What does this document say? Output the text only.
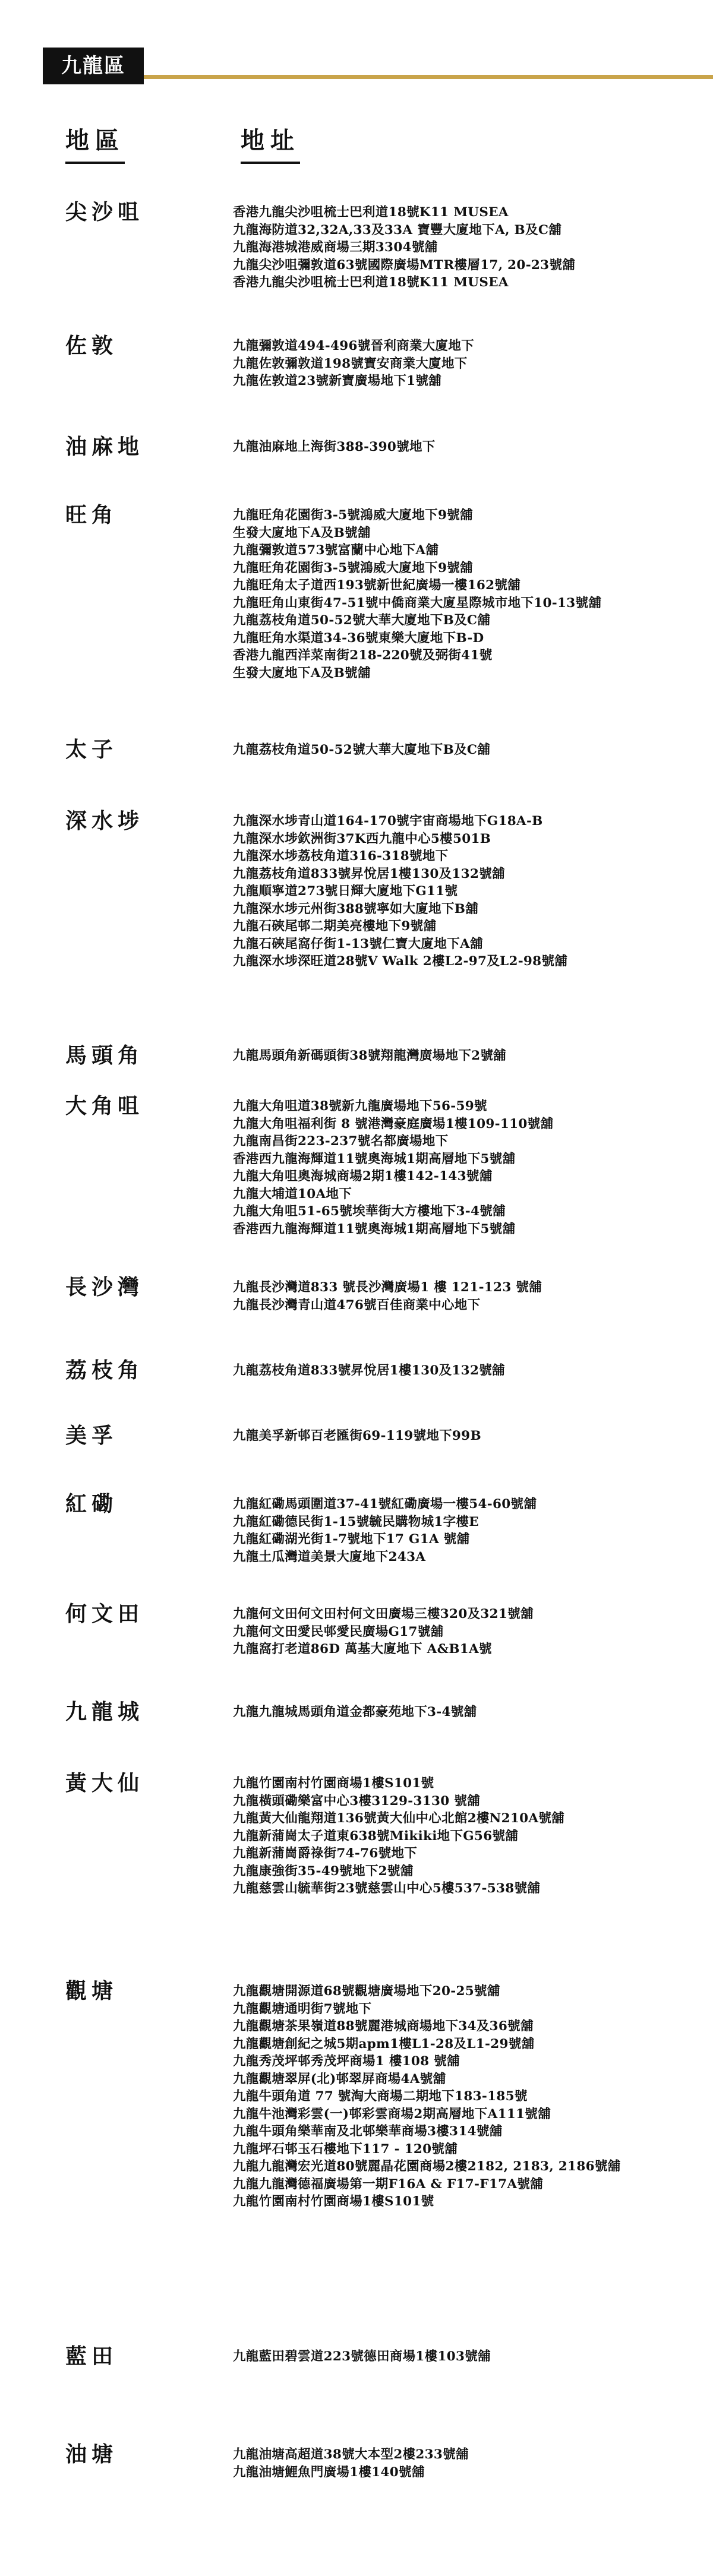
九龍區
地區	地址
尖沙咀	香港九龍尖沙咀梳士巴利道18號K11 MUSEA
九龍海防道32,32A,33及33A 寶豐大廈地下A, B及C舖
九龍海港城港威商場三期3304號舖
九龍尖沙咀彌敦道63號國際廣場MTR樓層17, 20-23號舖
香港九龍尖沙咀梳士巴利道18號K11 MUSEA
佐敦	九龍彌敦道494-496號晉利商業大廈地下
九龍佐敦彌敦道198號寶安商業大廈地下
九龍佐敦道23號新寶廣場地下1號舖
油麻地	九龍油麻地上海街388-390號地下
旺角	九龍旺角花園街3-5號鴻威大廈地下9號舖
生發大廈地下A及B號舖
九龍彌敦道573號富蘭中心地下A舖
九龍旺角花園街3-5號鴻威大廈地下9號舖
九龍旺角太子道西193號新世紀廣場一樓162號舖
九龍旺角山東街47-51號中僑商業大廈星際城市地下10-13號舖
九龍荔枝角道50-52號大華大廈地下B及C舖
九龍旺角水渠道34-36號東樂大廈地下B-D
香港九龍西洋菜南街218-220號及弼街41號
生發大廈地下A及B號舖
太子	九龍荔枝角道50-52號大華大廈地下B及C舖
深水埗	九龍深水埗青山道164-170號宇宙商場地下G18A-B
九龍深水埗欽洲街37K西九龍中心5樓501B
九龍深水埗荔枝角道316-318號地下
九龍荔枝角道833號昇悅居1樓130及132號舖
九龍順寧道273號日輝大廈地下G11號
九龍深水埗元州街388號寧如大廈地下B舖
九龍石硤尾邨二期美亮樓地下9號舖
九龍石硤尾窩仔街1-13號仁寶大廈地下A舖
九龍深水埗深旺道28號V Walk 2樓L2-97及L2-98號舖
馬頭角	九龍馬頭角新碼頭街38號翔龍灣廣場地下2號舖
大角咀	九龍大角咀道38號新九龍廣場地下56-59號
九龍大角咀福利街 8 號港灣豪庭廣場1樓109-110號舖
九龍南昌街223-237號名都廣場地下
香港西九龍海輝道11號奧海城1期高層地下5號舖
九龍大角咀奧海城商場2期1樓142-143號舖
九龍大埔道10A地下
九龍大角咀51-65號埃華街大方樓地下3-4號舖
香港西九龍海輝道11號奧海城1期高層地下5號舖
長沙灣	九龍長沙灣道833 號長沙灣廣場1 樓 121-123 號舖
九龍長沙灣青山道476號百佳商業中心地下
荔枝角	九龍荔枝角道833號昇悅居1樓130及132號舖
美孚	九龍美孚新邨百老匯街69-119號地下99B
紅磡	九龍紅磡馬頭圍道37-41號紅磡廣場一樓54-60號舖
九龍紅磡德民街1-15號毓民購物城1字樓E
九龍紅磡湖光街1-7號地下17 G1A 號舖
九龍土瓜灣道美景大廈地下243A
何文田	九龍何文田何文田村何文田廣場三樓320及321號舖
九龍何文田愛民邨愛民廣場G17號舖
九龍窩打老道86D 萬基大廈地下 A&B1A號
九龍城	九龍九龍城馬頭角道金都豪苑地下3-4號舖
黃大仙	九龍竹園南村竹園商場1樓S101號
九龍橫頭磡樂富中心3樓3129-3130 號舖
九龍黃大仙龍翔道136號黃大仙中心北館2樓N210A號舖
九龍新蒲崗太子道東638號Mikiki地下G56號舖
九龍新蒲崗爵祿街74-76號地下
九龍康強街35-49號地下2號舖
九龍慈雲山毓華街23號慈雲山中心5樓537-538號舖
觀塘	九龍觀塘開源道68號觀塘廣場地下20-25號舖
九龍觀塘通明街7號地下
九龍觀塘茶果嶺道88號麗港城商場地下34及36號舖
九龍觀塘創紀之城5期apm1樓L1-28及L1-29號舖
九龍秀茂坪邨秀茂坪商場1 樓108 號舖
九龍觀塘翠屏(北)邨翠屏商場4A號舖
九龍牛頭角道 77 號淘大商場二期地下183-185號
九龍牛池灣彩雲(一)邨彩雲商場2期高層地下A111號舖
九龍牛頭角樂華南及北邨樂華商場3樓314號舖
九龍坪石邨玉石樓地下117 - 120號舖
九龍九龍灣宏光道80號麗晶花園商場2樓2182, 2183, 2186號舖
九龍九龍灣德福廣場第一期F16A & F17-F17A號舖
九龍竹園南村竹園商場1樓S101號
藍田	九龍藍田碧雲道223號德田商場1樓103號舖
油塘	九龍油塘高超道38號大本型2樓233號舖
九龍油塘鯉魚門廣場1樓140號舖
